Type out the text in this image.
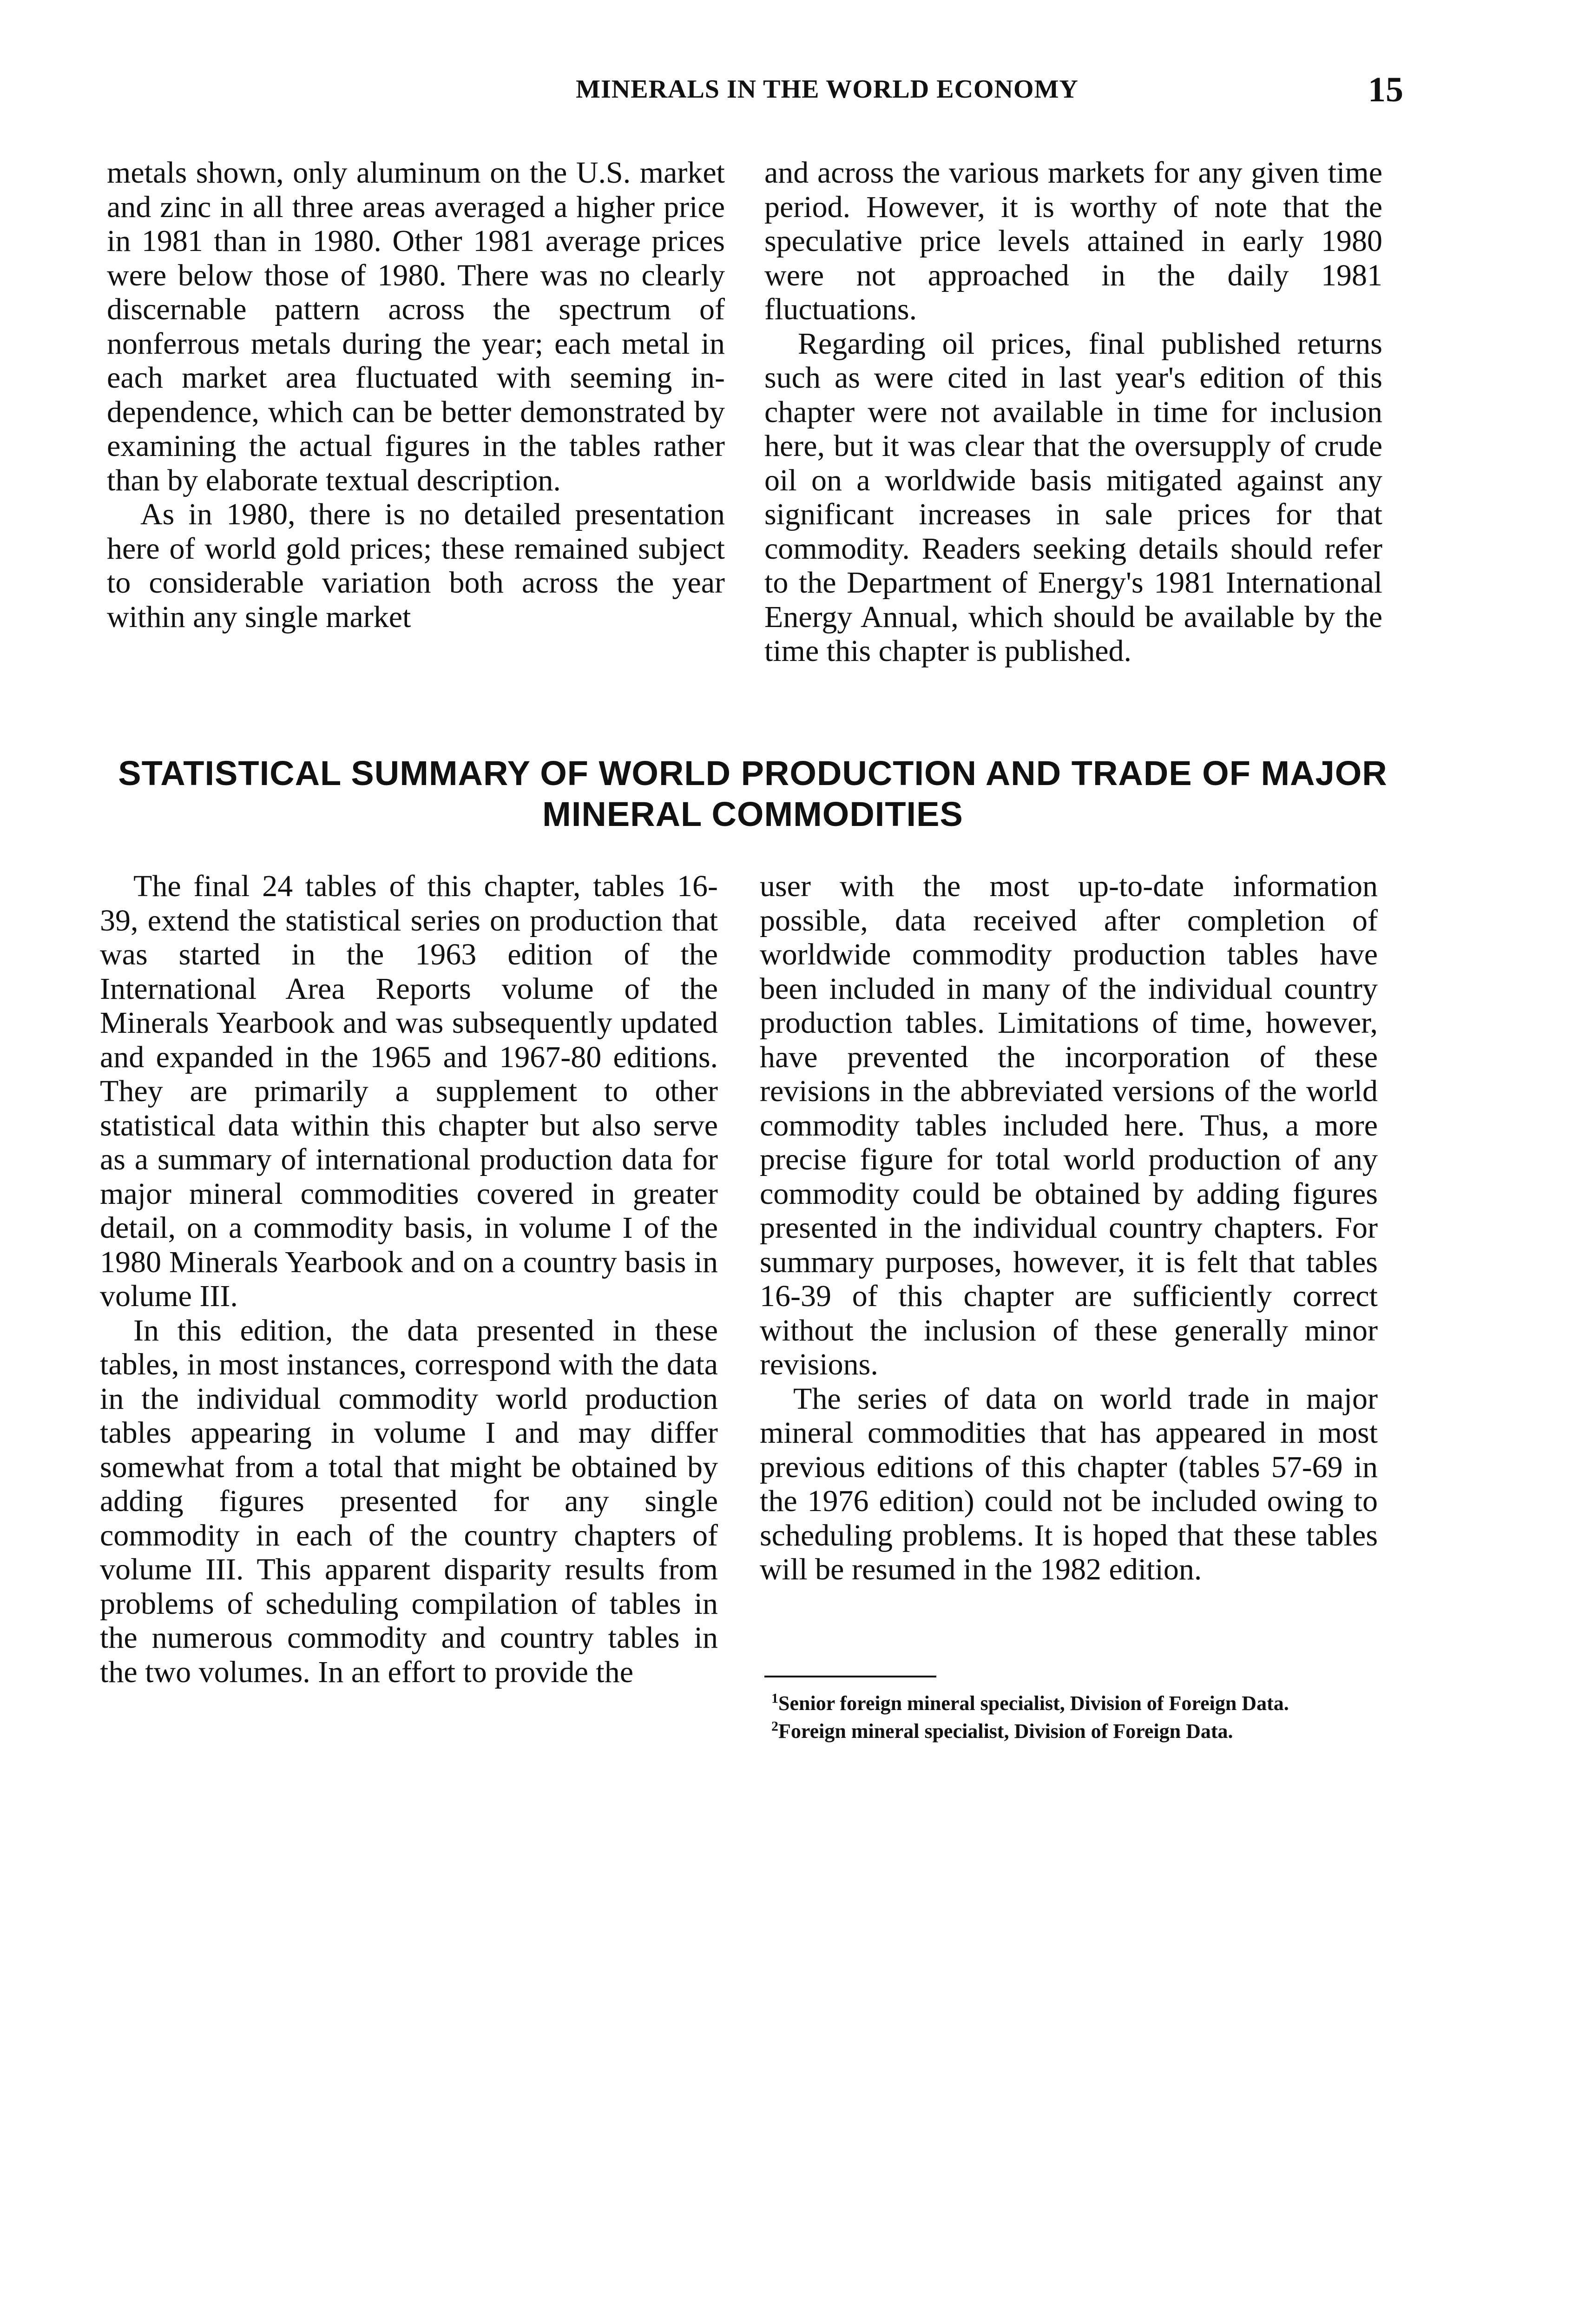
MINERALS IN THE WORLD ECONOMY	15

metals shown, only aluminum on the U.S. market and zinc in all three areas averaged a higher price in 1981 than in 1980. Other 1981 average prices were below those of 1980. There was no clearly discernable pattern across the spectrum of nonferrous metals during the year; each metal in each market area fluctuated with seeming independence, which can be better demonstrated by examining the actual figures in the tables rather than by elaborate textual description.

As in 1980, there is no detailed presentation here of world gold prices; these remained subject to considerable variation both across the year within any single market

and across the various markets for any given time period. However, it is worthy of note that the speculative price levels attained in early 1980 were not approached in the daily 1981 fluctuations.

Regarding oil prices, final published returns such as were cited in last year's edition of this chapter were not available in time for inclusion here, but it was clear that the oversupply of crude oil on a worldwide basis mitigated against any significant increases in sale prices for that commodity. Readers seeking details should refer to the Department of Energy's 1981 International Energy Annual, which should be available by the time this chapter is published.

STATISTICAL SUMMARY OF WORLD PRODUCTION AND TRADE OF MAJOR
MINERAL COMMODITIES

The final 24 tables of this chapter, tables 16-39, extend the statistical series on production that was started in the 1963 edition of the International Area Reports volume of the Minerals Yearbook and was subsequently updated and expanded in the 1965 and 1967-80 editions. They are primarily a supplement to other statistical data within this chapter but also serve as a summary of international production data for major mineral commodities covered in greater detail, on a commodity basis, in volume I of the 1980 Minerals Yearbook and on a country basis in volume III.

In this edition, the data presented in these tables, in most instances, correspond with the data in the individual commodity world production tables appearing in volume I and may differ somewhat from a total that might be obtained by adding figures presented for any single commodity in each of the country chapters of volume III. This apparent disparity results from problems of scheduling compilation of tables in the numerous commodity and country tables in the two volumes. In an effort to provide the

user with the most up-to-date information possible, data received after completion of worldwide commodity production tables have been included in many of the individual country production tables. Limitations of time, however, have prevented the incorporation of these revisions in the abbreviated versions of the world commodity tables included here. Thus, a more precise figure for total world production of any commodity could be obtained by adding figures presented in the individual country chapters. For summary purposes, however, it is felt that tables 16-39 of this chapter are sufficiently correct without the inclusion of these generally minor revisions.

The series of data on world trade in major mineral commodities that has appeared in most previous editions of this chapter (tables 57-69 in the 1976 edition) could not be included owing to scheduling problems. It is hoped that these tables will be resumed in the 1982 edition.

$^1$Senior foreign mineral specialist, Division of Foreign Data.
$^2$Foreign mineral specialist, Division of Foreign Data.
